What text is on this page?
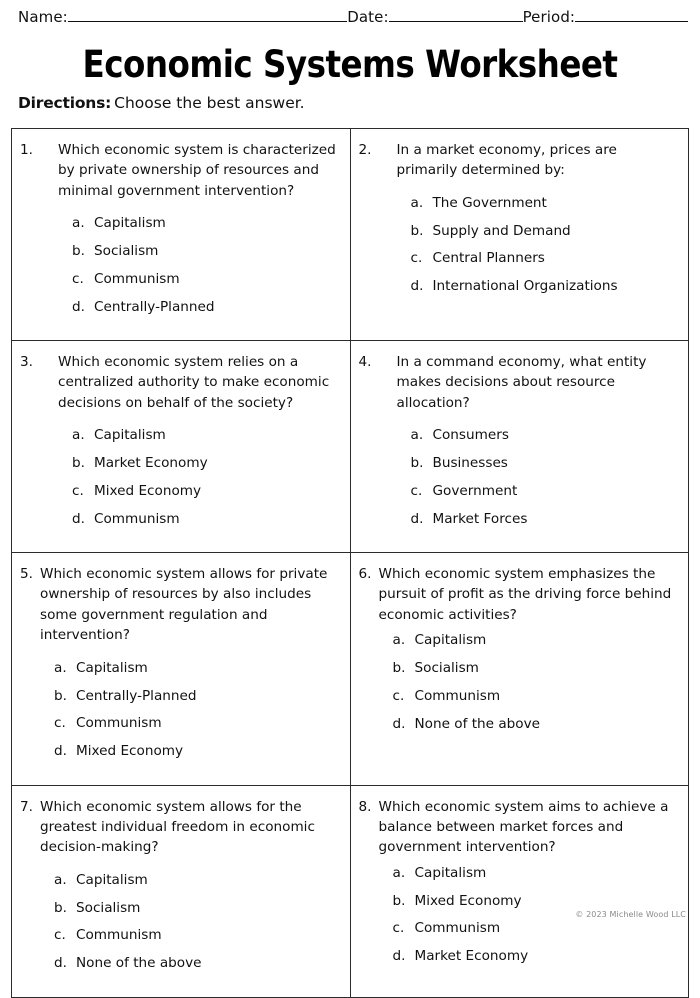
Name:	Date:	Period:
Economic Systems Worksheet
Directions: Choose the best answer.
1.	Which economic system is characterized by private ownership of resources and minimal government intervention?
a. Capitalism
b. Socialism
c. Communism
d. Centrally-Planned

2.	In a market economy, prices are primarily determined by:
a. The Government
b. Supply and Demand
c. Central Planners
d. International Organizations

3.	Which economic system relies on a centralized authority to make economic decisions on behalf of the society?
a. Capitalism
b. Market Economy
c. Mixed Economy
d. Communism

4.	In a command economy, what entity makes decisions about resource allocation?
a. Consumers
b. Businesses
c. Government
d. Market Forces

5. Which economic system allows for private ownership of resources by also includes some government regulation and intervention?
a. Capitalism
b. Centrally-Planned
c. Communism
d. Mixed Economy

6. Which economic system emphasizes the pursuit of profit as the driving force behind economic activities?
a. Capitalism
b. Socialism
c. Communism
d. None of the above

7. Which economic system allows for the greatest individual freedom in economic decision-making?
a. Capitalism
b. Socialism
c. Communism
d. None of the above

8. Which economic system aims to achieve a balance between market forces and government intervention?
a. Capitalism
b. Mixed Economy
c. Communism
d. Market Economy
© 2023 Michelle Wood LLC
